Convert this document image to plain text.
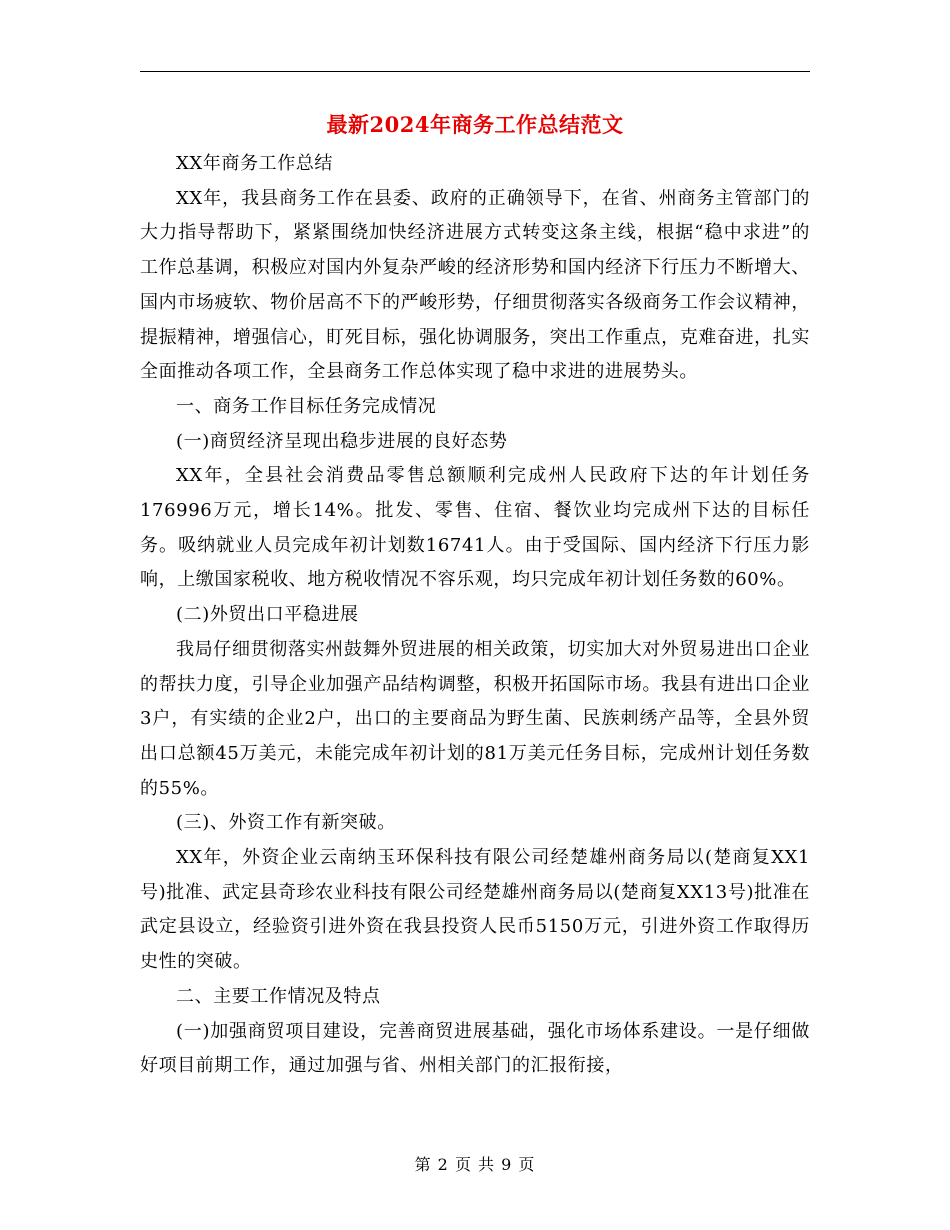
最新2024年商务工作总结范文

XX年商务工作总结

XX年，我县商务工作在县委、政府的正确领导下，在省、州商务主管部门的大力指导帮助下，紧紧围绕加快经济进展方式转变这条主线，根据“稳中求进”的工作总基调，积极应对国内外复杂严峻的经济形势和国内经济下行压力不断增大、国内市场疲软、物价居高不下的严峻形势，仔细贯彻落实各级商务工作会议精神，提振精神，增强信心，盯死目标，强化协调服务，突出工作重点，克难奋进，扎实全面推动各项工作，全县商务工作总体实现了稳中求进的进展势头。

一、商务工作目标任务完成情况

(一)商贸经济呈现出稳步进展的良好态势

XX年，全县社会消费品零售总额顺利完成州人民政府下达的年计划任务176996万元，增长14%。批发、零售、住宿、餐饮业均完成州下达的目标任务。吸纳就业人员完成年初计划数16741人。由于受国际、国内经济下行压力影响，上缴国家税收、地方税收情况不容乐观，均只完成年初计划任务数的60%。

(二)外贸出口平稳进展

我局仔细贯彻落实州鼓舞外贸进展的相关政策，切实加大对外贸易进出口企业的帮扶力度，引导企业加强产品结构调整，积极开拓国际市场。我县有进出口企业3户，有实绩的企业2户，出口的主要商品为野生菌、民族刺绣产品等，全县外贸出口总额45万美元，未能完成年初计划的81万美元任务目标，完成州计划任务数的55%。

(三)、外资工作有新突破。

XX年，外资企业云南纳玉环保科技有限公司经楚雄州商务局以(楚商复XX1号)批准、武定县奇珍农业科技有限公司经楚雄州商务局以(楚商复XX13号)批准在武定县设立，经验资引进外资在我县投资人民币5150万元，引进外资工作取得历史性的突破。

二、主要工作情况及特点

(一)加强商贸项目建设，完善商贸进展基础，强化市场体系建设。一是仔细做好项目前期工作，通过加强与省、州相关部门的汇报衔接，

第 2 页 共 9 页
